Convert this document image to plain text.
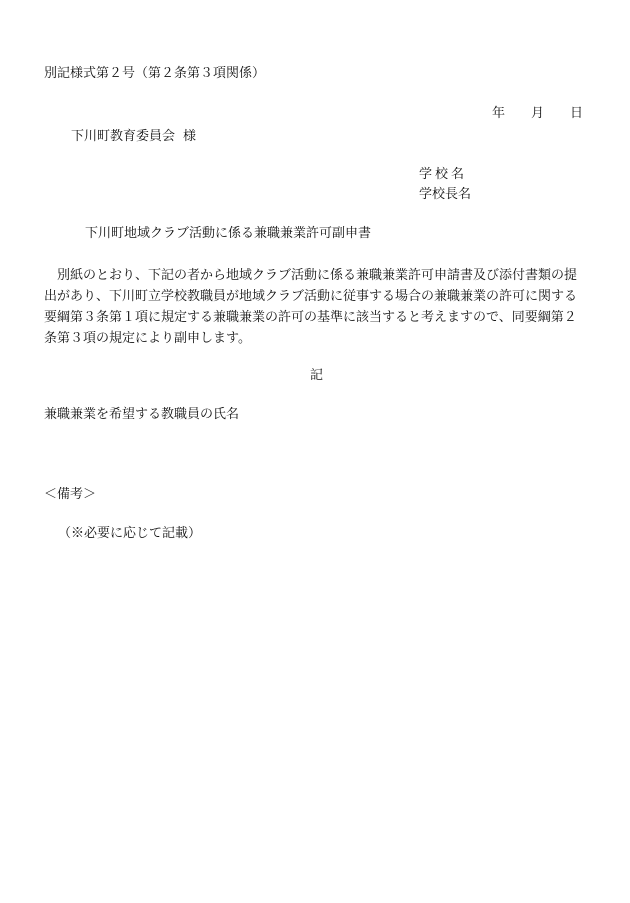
別記様式第２号（第２条第３項関係）
年 月 日
下川町教育委員会 様
学校名
学校長名
下川町地域クラブ活動に係る兼職兼業許可副申書
　別紙のとおり、下記の者から地域クラブ活動に係る兼職兼業許可申請書及び添付書類の提
出があり、下川町立学校教職員が地域クラブ活動に従事する場合の兼職兼業の許可に関する
要綱第３条第１項に規定する兼職兼業の許可の基準に該当すると考えますので、同要綱第２
条第３項の規定により副申します。
記
兼職兼業を希望する教職員の氏名
＜備考＞
（※必要に応じて記載）
